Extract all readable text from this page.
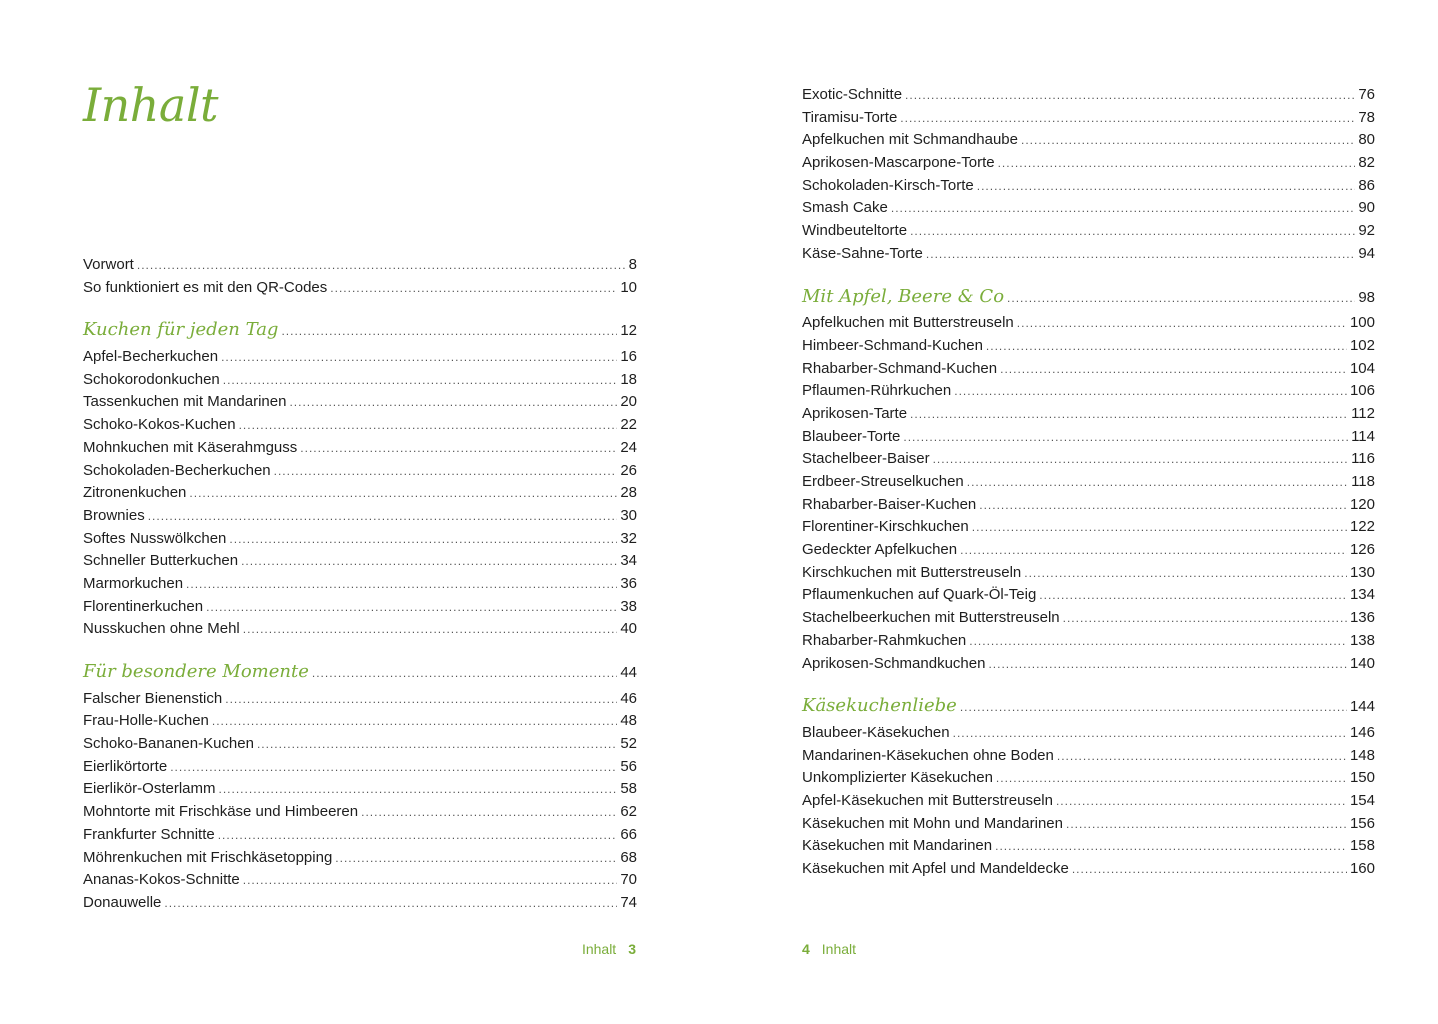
Inhalt
Vorwort .....	8
So funktioniert es mit den QR-Codes .....	10
Kuchen für jeden Tag .....	12
Apfel-Becherkuchen .....	16
Schokorodonkuchen .....	18
Tassenkuchen mit Mandarinen .....	20
Schoko-Kokos-Kuchen .....	22
Mohnkuchen mit Käserahmguss .....	24
Schokoladen-Becherkuchen .....	26
Zitronenkuchen .....	28
Brownies .....	30
Softes Nusswölkchen .....	32
Schneller Butterkuchen .....	34
Marmorkuchen .....	36
Florentinerkuchen .....	38
Nusskuchen ohne Mehl .....	40
Für besondere Momente .....	44
Falscher Bienenstich .....	46
Frau-Holle-Kuchen .....	48
Schoko-Bananen-Kuchen .....	52
Eierlikörtorte .....	56
Eierlikör-Osterlamm .....	58
Mohntorte mit Frischkäse und Himbeeren .....	62
Frankfurter Schnitte .....	66
Möhrenkuchen mit Frischkäsetopping .....	68
Ananas-Kokos-Schnitte .....	70
Donauwelle .....	74
Inhalt 3
Exotic-Schnitte .....	76
Tiramisu-Torte .....	78
Apfelkuchen mit Schmandhaube .....	80
Aprikosen-Mascarpone-Torte .....	82
Schokoladen-Kirsch-Torte .....	86
Smash Cake .....	90
Windbeuteltorte .....	92
Käse-Sahne-Torte .....	94
Mit Apfel, Beere & Co .....	98
Apfelkuchen mit Butterstreuseln .....	100
Himbeer-Schmand-Kuchen .....	102
Rhabarber-Schmand-Kuchen .....	104
Pflaumen-Rührkuchen .....	106
Aprikosen-Tarte .....	112
Blaubeer-Torte .....	114
Stachelbeer-Baiser .....	116
Erdbeer-Streuselkuchen .....	118
Rhabarber-Baiser-Kuchen .....	120
Florentiner-Kirschkuchen .....	122
Gedeckter Apfelkuchen .....	126
Kirschkuchen mit Butterstreuseln .....	130
Pflaumenkuchen auf Quark-Öl-Teig .....	134
Stachelbeerkuchen mit Butterstreuseln .....	136
Rhabarber-Rahmkuchen .....	138
Aprikosen-Schmandkuchen .....	140
Käsekuchenliebe .....	144
Blaubeer-Käsekuchen .....	146
Mandarinen-Käsekuchen ohne Boden .....	148
Unkomplizierter Käsekuchen .....	150
Apfel-Käsekuchen mit Butterstreuseln .....	154
Käsekuchen mit Mohn und Mandarinen .....	156
Käsekuchen mit Mandarinen .....	158
Käsekuchen mit Apfel und Mandeldecke .....	160
4 Inhalt
